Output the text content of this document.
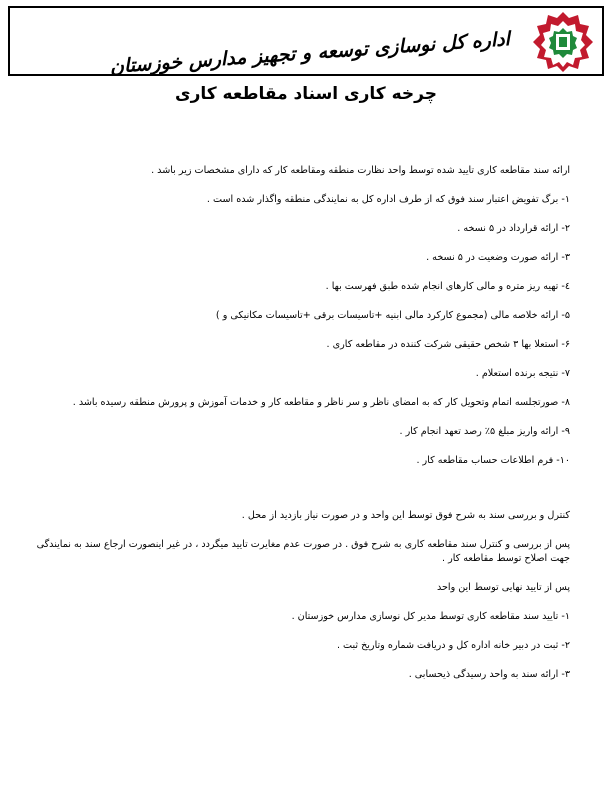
اداره کل نوسازی توسعه و تجهیز مدارس خوزستان
چرخه کاری اسناد مقاطعه کاری
ارائه سند مقاطعه کاری تایید شده توسط واحد نظارت منطقه ومقاطعه کار که دارای مشخصات زیر باشد .
۱- برگ تفویض اعتبار سند فوق که از طرف اداره کل به نمایندگی منطقه واگذار شده است .
۲- ارائه قرارداد در ۵ نسخه .
۳- ارائه صورت وضعیت در ۵ نسخه .
٤- تهیه ریز متره و مالی کارهای انجام شده طبق فهرست بها .
۵- ارائه خلاصه مالی (مجموع کارکرد مالی ابنیه +تاسیسات برقی +تاسیسات مکانیکی و )
۶- استعلا بها ۳ شخص حقیقی شرکت کننده در مقاطعه کاری .
۷- نتیجه برنده استعلام .
۸- صورتجلسه اتمام وتحویل کار که به امضای ناظر و سر ناظر و مقاطعه کار و خدمات آموزش و پرورش منطقه رسیده باشد .
۹- ارائه واریز مبلغ ۵٪ رصد تعهد انجام کار .
۱۰- فرم اطلاعات حساب مقاطعه کار .
کنترل و بررسی سند به شرح فوق توسط این واحد و در صورت نیاز بازدید از محل .
پس از بررسی و کنترل سند مقاطعه کاری به شرح فوق . در صورت عدم مغایرت تایید میگردد ، در غیر اینصورت ارجاع سند به نمایندگی جهت اصلاح توسط مقاطعه کار .
پس از تایید نهایی توسط این واحد
۱- تایید سند مقاطعه کاری توسط مدیر کل نوسازی مدارس خوزستان .
۲- ثبت در دبیر خانه اداره کل و دریافت شماره وتاریخ ثبت .
۳- ارائه سند به واحد رسیدگی ذیحسابی .
